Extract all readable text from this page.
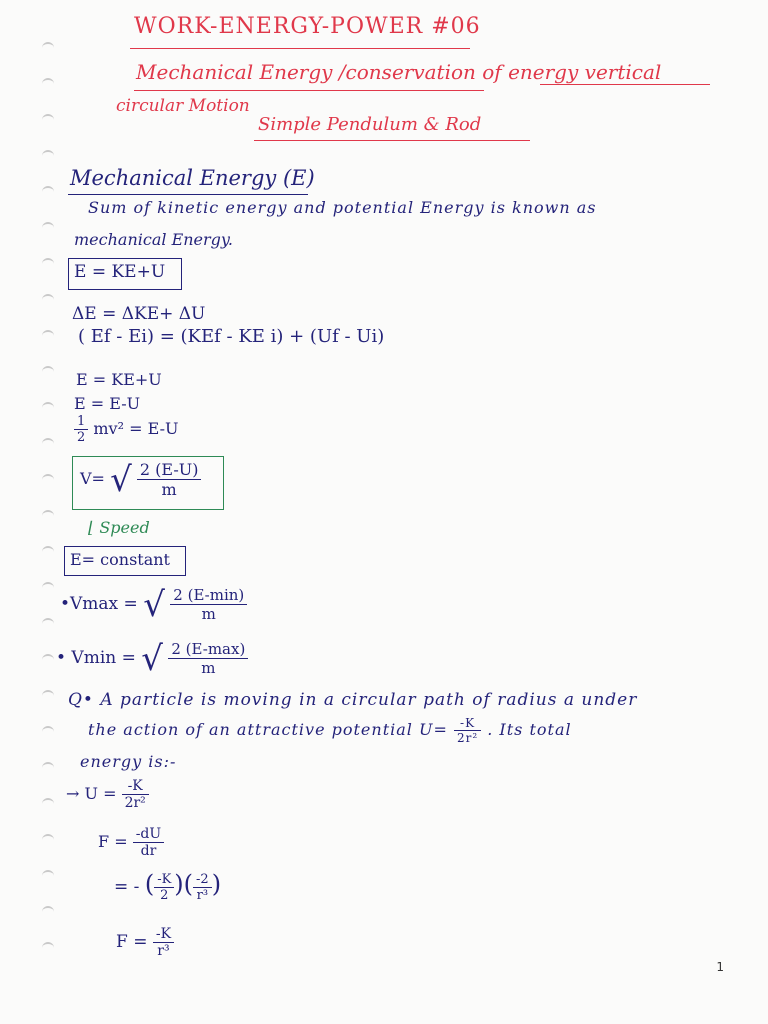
WORK-ENERGY-POWER #06
Mechanical Energy /conservation of energy vertical
circular Motion
Simple Pendulum & Rod
Mechanical Energy (E)
Sum of kinetic energy and potential Energy is known as
mechanical Energy.
E = KE+U
ΔE = ΔKE+ ΔU
( Ef - Ei) = (KEf - KE i) + (Uf - Ui)
E = KE+U
E = E-U
$\frac{1}{2} mv^2 = E-U$
V= √ $\frac{2 (E-U)}{m}$
⌊ Speed
E= constant
•Vmax = √ $\frac{2 (E-\min)}{m}$
• Vmin = √ $\frac{2 (E-\max)}{m}$
Q• A particle is moving in a circular path of radius a under
the action of an attractive potential $U= \frac{-K}{\text{2r²}}$ . Its total
energy is:-
→ $U = \frac{-K}{\text{2r²}}$
$F = \frac{-dU}{dr}$
= - ( $\frac{-K}{2}$ )( $\frac{-2}{\text{r³}}$ )
$F = \frac{-K}{\text{r³}}$
1
